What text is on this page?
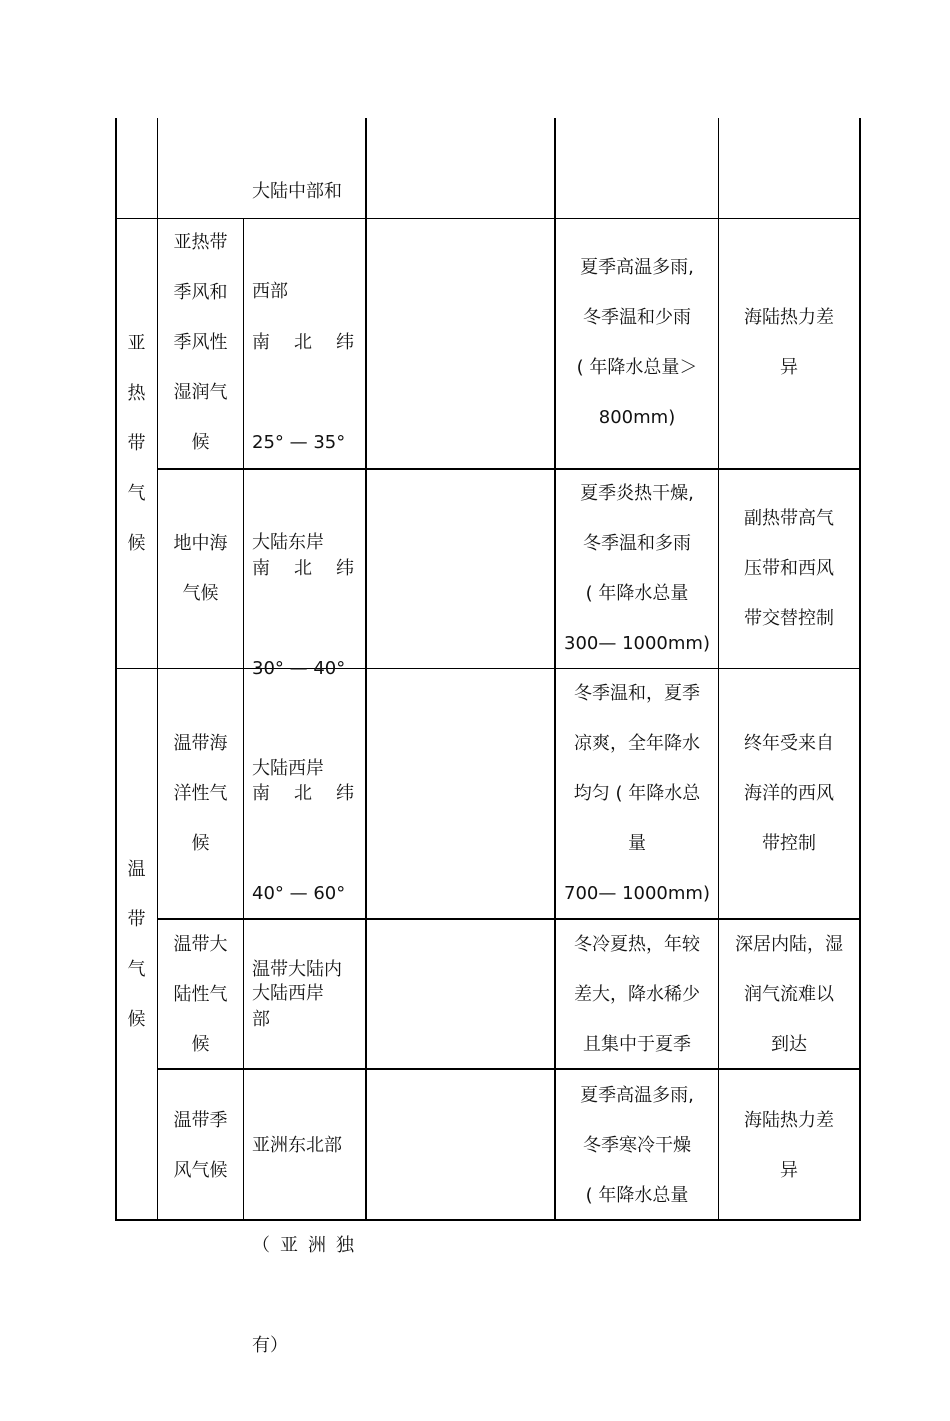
大陆中部和

西部

亚
热
带
气
候
亚热带
季风和
季风性
湿润气
候

南　北　纬

25° — 35°

大陆东岸

夏季高温多雨,
冬季温和少雨
( 年降水总量＞
800mm)
海陆热力差
异
地中海
气候

南　北　纬

30° — 40°

大陆西岸

夏季炎热干燥,
冬季温和多雨
( 年降水总量
300— 1000mm)
副热带高气
压带和西风
带交替控制
温
带
气
候
温带海
洋性气
候

南　北　纬

40° — 60°

大陆西岸

冬季温和，夏季
凉爽，全年降水
均匀 ( 年降水总
量
700— 1000mm)
终年受来自
海洋的西风
带控制
温带大
陆性气
候
温带大陆内
部
冬冷夏热，年较
差大，降水稀少
且集中于夏季
深居内陆，湿
润气流难以
到达
温带季
风气候

亚洲东北部

（ 亚 洲 独

有）

夏季高温多雨,
冬季寒冷干燥
( 年降水总量
海陆热力差
异
